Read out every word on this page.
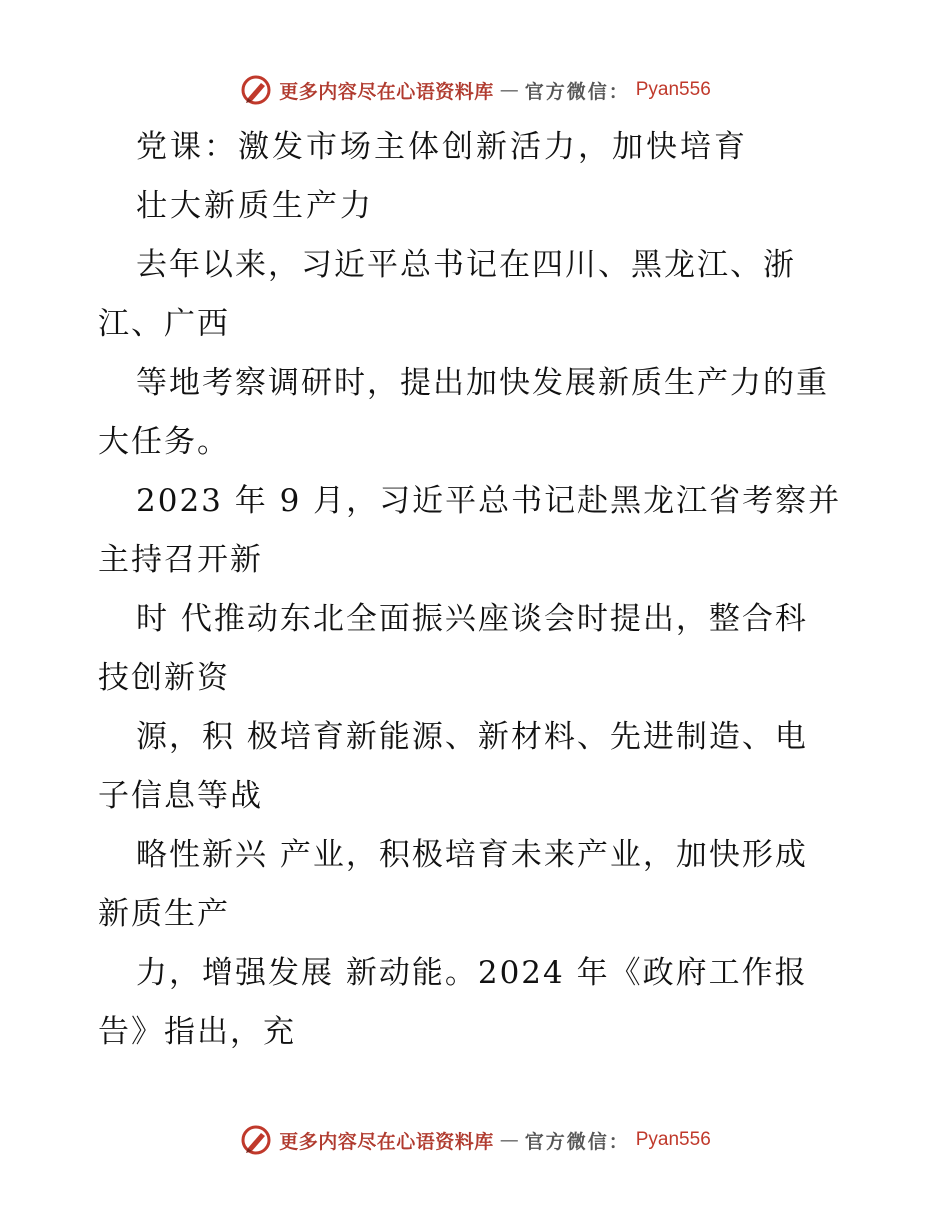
更多内容尽在心语资料库 — 官方微信： Pyan556
党课：激发市场主体创新活力，加快培育
壮大新质生产力
去年以来，习近平总书记在四川、黑龙江、浙
江、广西
等地考察调研时，提出加快发展新质生产力的重
大任务。
2023 年 9 月，习近平总书记赴黑龙江省考察并
主持召开新
时 代推动东北全面振兴座谈会时提出，整合科
技创新资
源，积 极培育新能源、新材料、先进制造、电
子信息等战
略性新兴 产业，积极培育未来产业，加快形成
新质生产
力，增强发展 新动能。2024 年《政府工作报
告》指出，充
更多内容尽在心语资料库 — 官方微信： Pyan556
